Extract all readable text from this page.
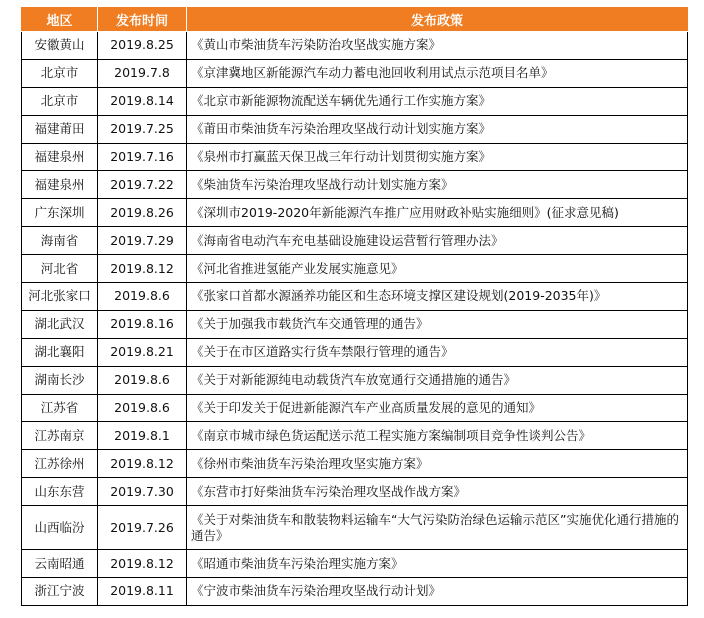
地区	发布时间	发布政策
安徽黄山	2019.8.25	《黄山市柴油货车污染防治攻坚战实施方案》
北京市	2019.7.8	《京津冀地区新能源汽车动力蓄电池回收利用试点示范项目名单》
北京市	2019.8.14	《北京市新能源物流配送车辆优先通行工作实施方案》
福建莆田	2019.7.25	《莆田市柴油货车污染治理攻坚战行动计划实施方案》
福建泉州	2019.7.16	《泉州市打赢蓝天保卫战三年行动计划贯彻实施方案》
福建泉州	2019.7.22	《柴油货车污染治理攻坚战行动计划实施方案》
广东深圳	2019.8.26	《深圳市2019-2020年新能源汽车推广应用财政补贴实施细则》(征求意见稿)
海南省	2019.7.29	《海南省电动汽车充电基础设施建设运营暂行管理办法》
河北省	2019.8.12	《河北省推进氢能产业发展实施意见》
河北张家口	2019.8.6	《张家口首都水源涵养功能区和生态环境支撑区建设规划(2019-2035年)》
湖北武汉	2019.8.16	《关于加强我市载货汽车交通管理的通告》
湖北襄阳	2019.8.21	《关于在市区道路实行货车禁限行管理的通告》
湖南长沙	2019.8.6	《关于对新能源纯电动载货汽车放宽通行交通措施的通告》
江苏省	2019.8.6	《关于印发关于促进新能源汽车产业高质量发展的意见的通知》
江苏南京	2019.8.1	《南京市城市绿色货运配送示范工程实施方案编制项目竞争性谈判公告》
江苏徐州	2019.8.12	《徐州市柴油货车污染治理攻坚实施方案》
山东东营	2019.7.30	《东营市打好柴油货车污染治理攻坚战作战方案》
山西临汾	2019.7.26	《关于对柴油货车和散装物料运输车“大气污染防治绿色运输示范区”实施优化通行措施的通告》
云南昭通	2019.8.12	《昭通市柴油货车污染治理实施方案》
浙江宁波	2019.8.11	《宁波市柴油货车污染治理攻坚战行动计划》
